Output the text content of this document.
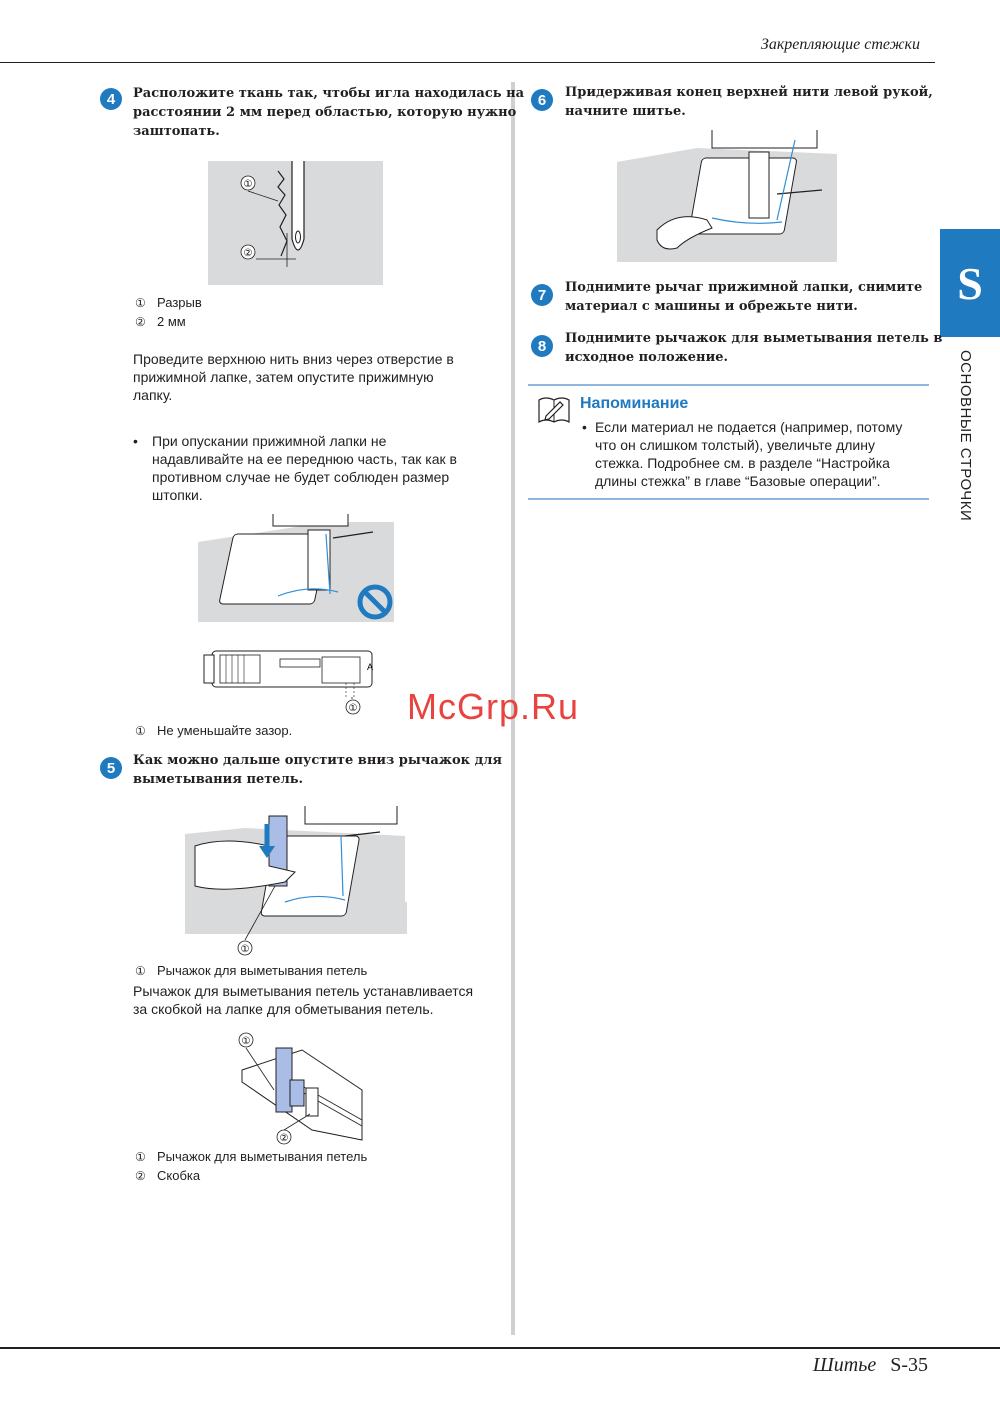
Закрепляющие стежки
S
ОСНОВНЫЕ СТРОЧКИ
4	Расположите ткань так, чтобы игла находилась на
расстоянии 2 мм перед областью, которую нужно
заштопать.
①
②
① Разрыв
② 2 мм
Проведите верхнюю нить вниз через отверстие в
прижимной лапке, затем опустите прижимную
лапку.
• При опускании прижимной лапки не
надавливайте на ее переднюю часть, так как в
противном случае не будет соблюден размер
штопки.
A
①
① Не уменьшайте зазор.
5	Как можно дальше опустите вниз рычажок для
выметывания петель.
①
① Рычажок для выметывания петель
Рычажок для выметывания петель устанавливается
за скобкой на лапке для обметывания петель.
①
②
① Рычажок для выметывания петель
② Скобка
6	Придерживая конец верхней нити левой рукой,
начните шитье.
7	Поднимите рычаг прижимной лапки, снимите
материал с машины и обрежьте нити.
8	Поднимите рычажок для выметывания петель в
исходное положение.
Напоминание
• Если материал не подается (например, потому
что он слишком толстый), увеличьте длину
стежка. Подробнее см. в разделе “Настройка
длины стежка” в главе “Базовые операции”.
McGrp.Ru
Шитье S-35
